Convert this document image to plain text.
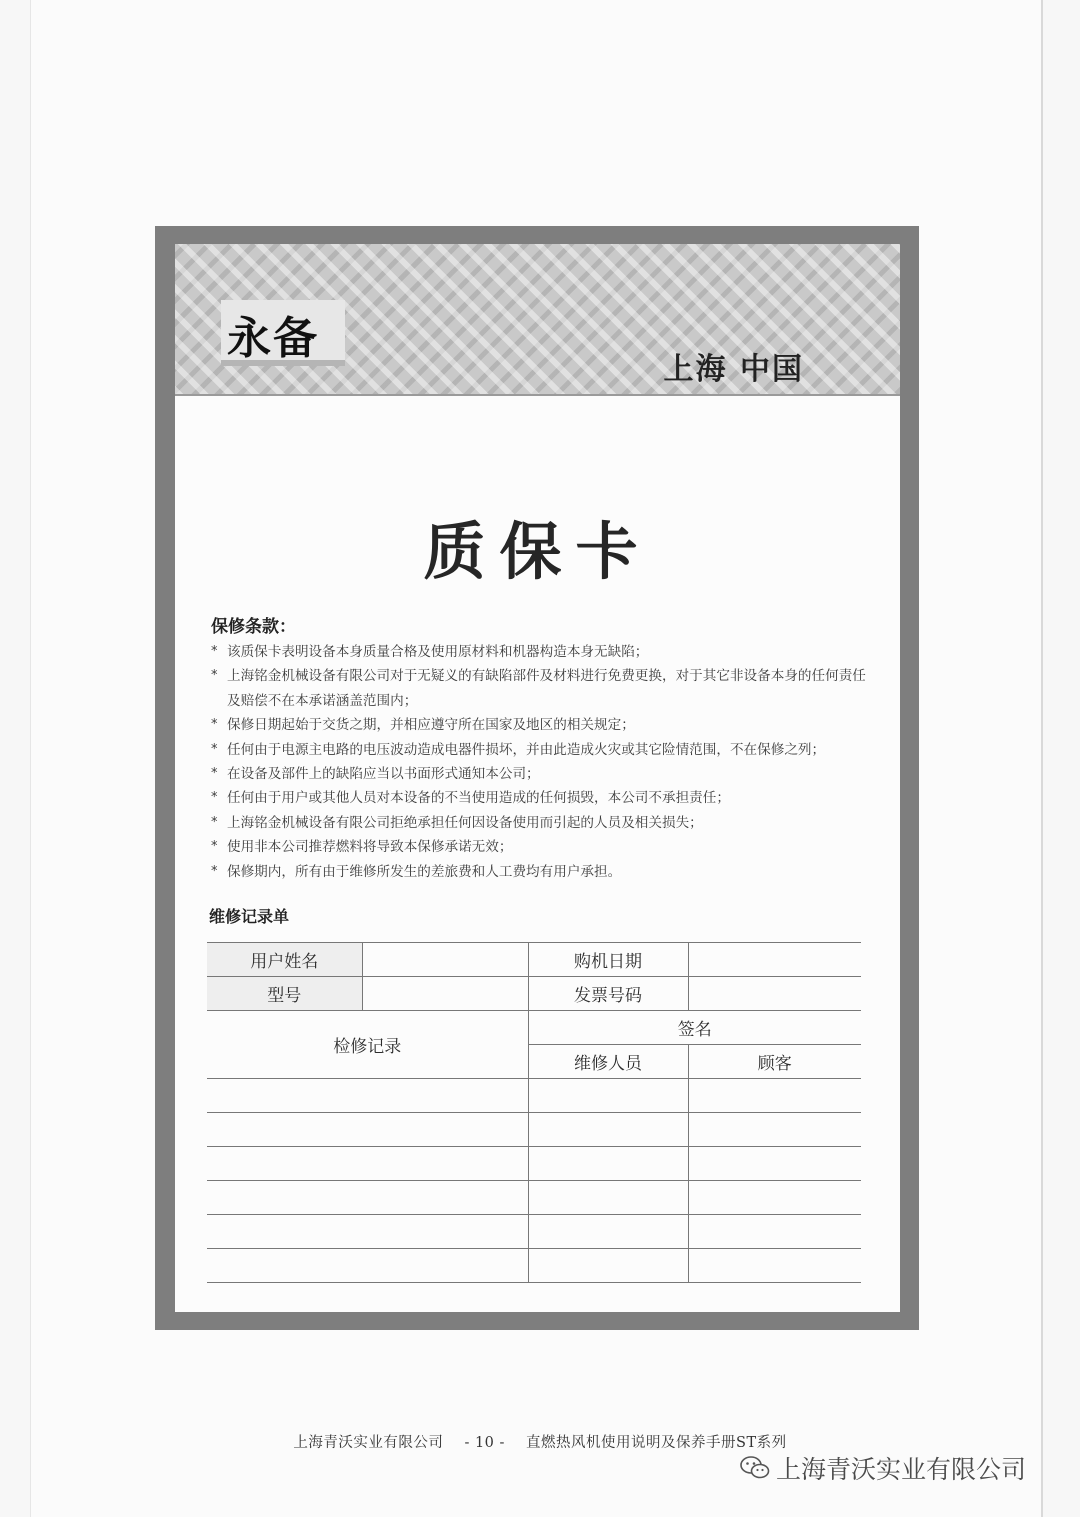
永备
上海 中国
质保卡
保修条款：
* 该质保卡表明设备本身质量合格及使用原材料和机器构造本身无缺陷；
* 上海铭金机械设备有限公司对于无疑义的有缺陷部件及材料进行免费更换，对于其它非设备本身的任何责任及赔偿不在本承诺涵盖范围内；
* 保修日期起始于交货之期，并相应遵守所在国家及地区的相关规定；
* 任何由于电源主电路的电压波动造成电器件损坏，并由此造成火灾或其它险情范围，不在保修之列；
* 在设备及部件上的缺陷应当以书面形式通知本公司；
* 任何由于用户或其他人员对本设备的不当使用造成的任何损毁，本公司不承担责任；
* 上海铭金机械设备有限公司拒绝承担任何因设备使用而引起的人员及相关损失；
* 使用非本公司推荐燃料将导致本保修承诺无效；
* 保修期内，所有由于维修所发生的差旅费和人工费均有用户承担。
维修记录单
用户姓名		购机日期	
型号		发票号码	
检修记录		签名	
		维修人员	顾客

上海青沃实业有限公司 - 10 - 直燃热风机使用说明及保养手册ST系列
上海青沃实业有限公司
